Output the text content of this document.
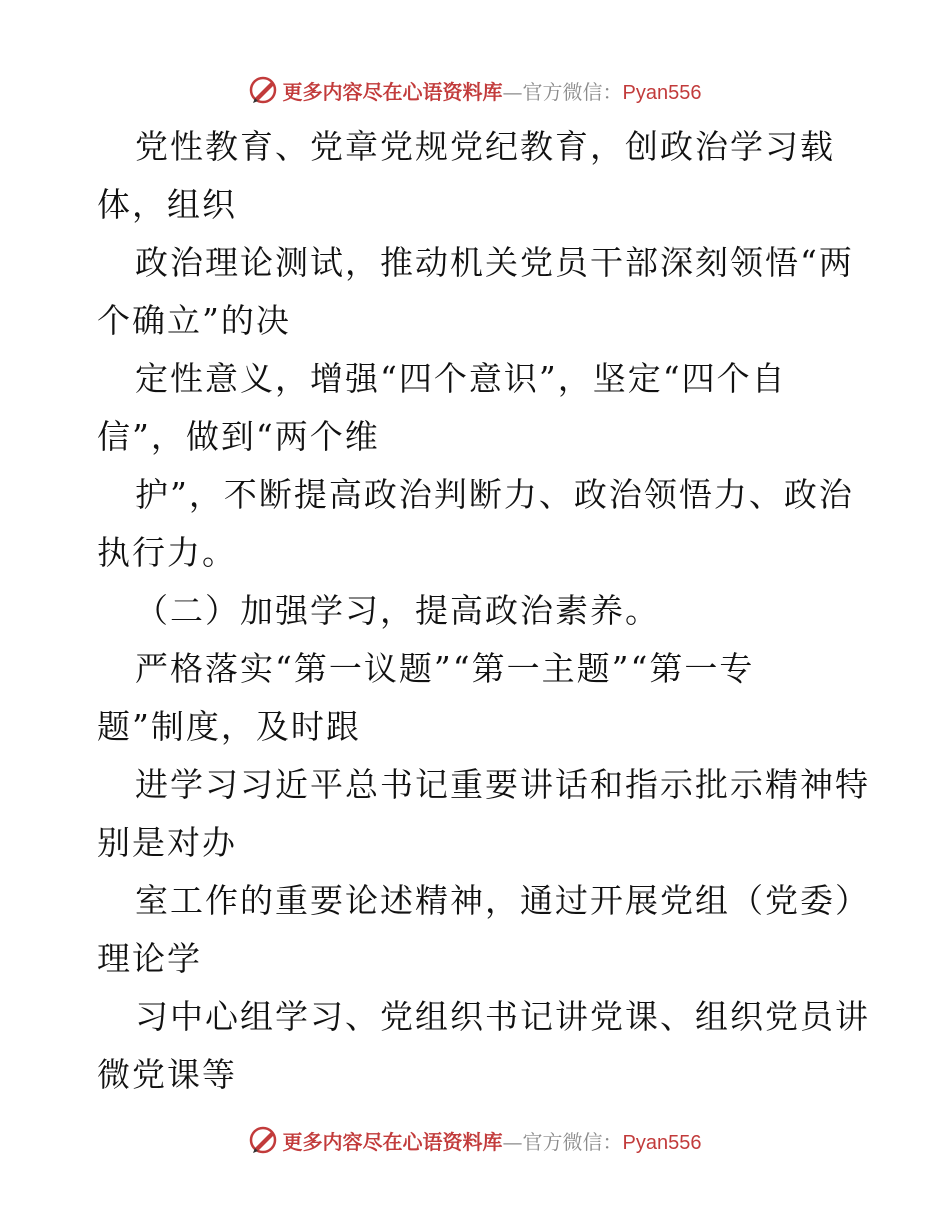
更多内容尽在心语资料库—官方微信：Pyan556
党性教育、党章党规党纪教育，创政治学习载
体，组织
政治理论测试，推动机关党员干部深刻领悟“两
个确立”的决
定性意义，增强“四个意识”，坚定“四个自
信”，做到“两个维
护”，不断提高政治判断力、政治领悟力、政治
执行力。
（二）加强学习，提高政治素养。
严格落实“第一议题”“第一主题”“第一专
题”制度，及时跟
进学习习近平总书记重要讲话和指示批示精神特
别是对办
室工作的重要论述精神，通过开展党组（党委）
理论学
习中心组学习、党组织书记讲党课、组织党员讲
微党课等
更多内容尽在心语资料库—官方微信：Pyan556
